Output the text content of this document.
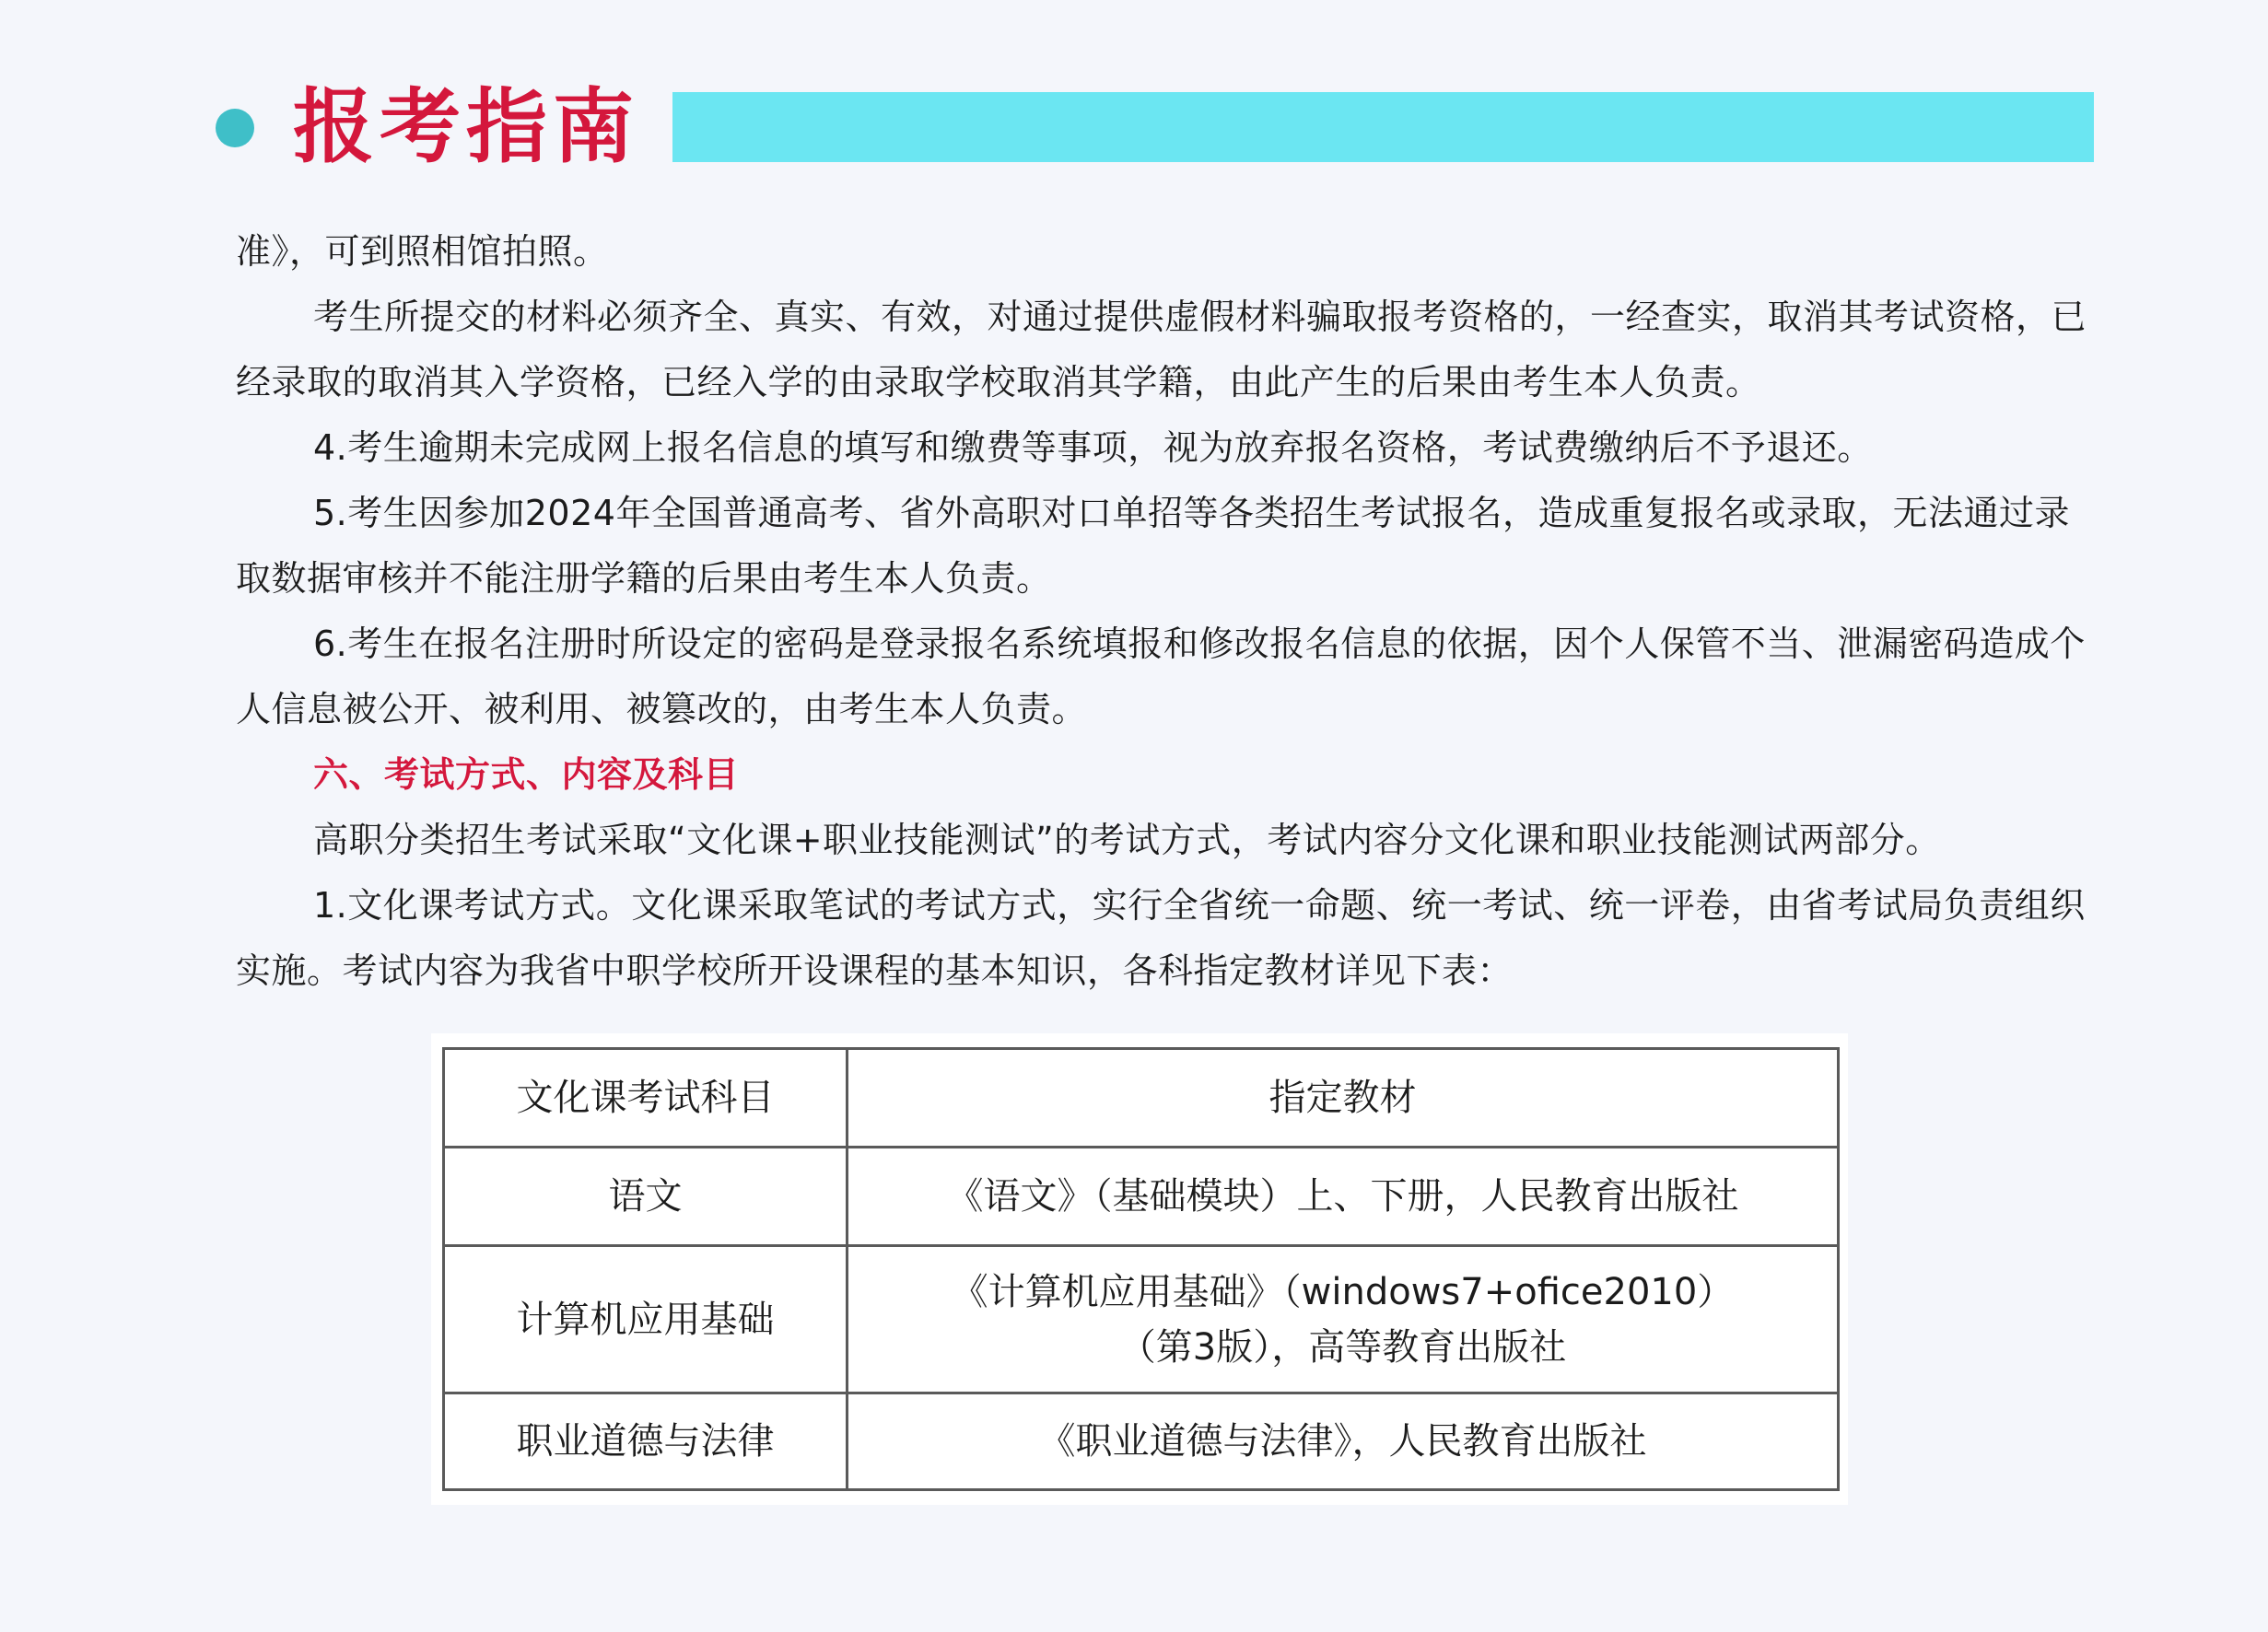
报考指南

准》，可到照相馆拍照。

考生所提交的材料必须齐全、真实、有效，对通过提供虚假材料骗取报考资格的，一经查实，取消其考试资格，已经录取的取消其入学资格，已经入学的由录取学校取消其学籍，由此产生的后果由考生本人负责。

4.考生逾期未完成网上报名信息的填写和缴费等事项，视为放弃报名资格，考试费缴纳后不予退还。

5.考生因参加2024年全国普通高考、省外高职对口单招等各类招生考试报名，造成重复报名或录取，无法通过录取数据审核并不能注册学籍的后果由考生本人负责。

6.考生在报名注册时所设定的密码是登录报名系统填报和修改报名信息的依据，因个人保管不当、泄漏密码造成个人信息被公开、被利用、被篡改的，由考生本人负责。

六、考试方式、内容及科目

高职分类招生考试采取“文化课+职业技能测试”的考试方式，考试内容分文化课和职业技能测试两部分。

1.文化课考试方式。文化课采取笔试的考试方式，实行全省统一命题、统一考试、统一评卷，由省考试局负责组织实施。考试内容为我省中职学校所开设课程的基本知识，各科指定教材详见下表：

文化课考试科目	指定教材
语文	《语文》（基础模块）上、下册，人民教育出版社

计算机应用基础	《计算机应用基础》（windows7+ofice2010）
（第3版），高等教育出版社

职业道德与法律	《职业道德与法律》，人民教育出版社
